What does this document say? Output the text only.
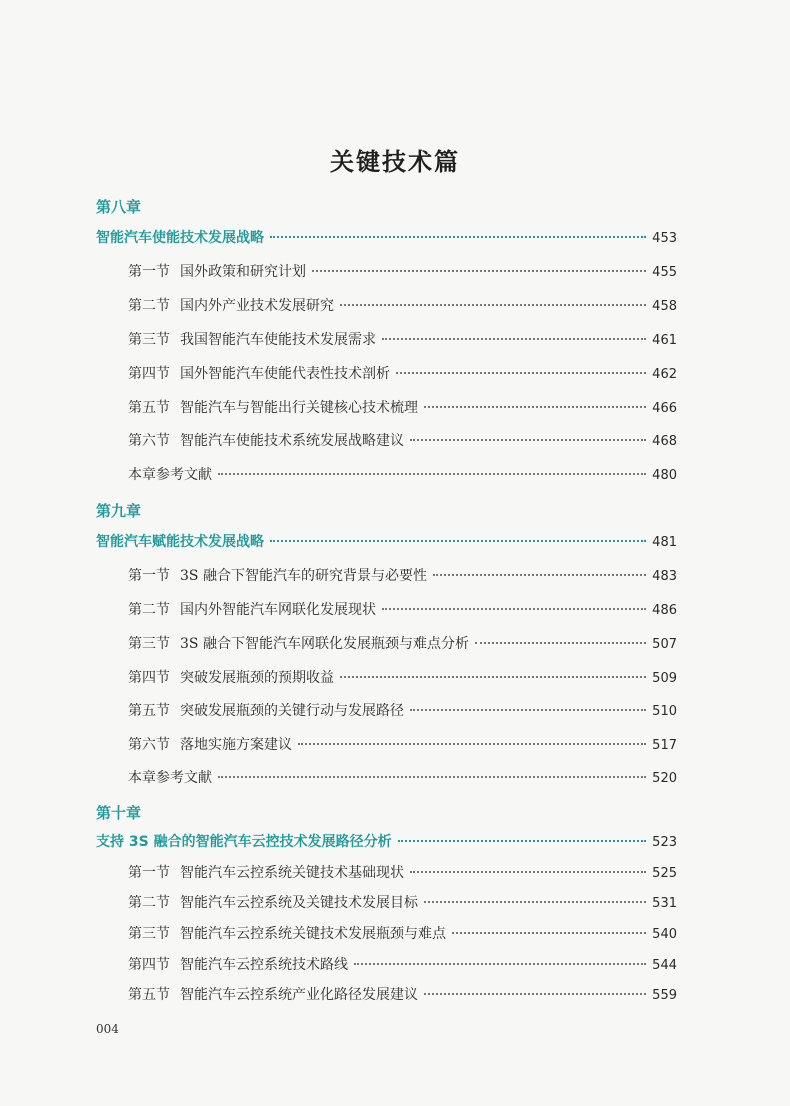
关键技术篇
第八章
智能汽车使能技术发展战略	453
第一节 国外政策和研究计划	455
第二节 国内外产业技术发展研究	458
第三节 我国智能汽车使能技术发展需求	461
第四节 国外智能汽车使能代表性技术剖析	462
第五节 智能汽车与智能出行关键核心技术梳理	466
第六节 智能汽车使能技术系统发展战略建议	468
本章参考文献	480
第九章
智能汽车赋能技术发展战略	481
第一节 3S 融合下智能汽车的研究背景与必要性	483
第二节 国内外智能汽车网联化发展现状	486
第三节 3S 融合下智能汽车网联化发展瓶颈与难点分析	507
第四节 突破发展瓶颈的预期收益	509
第五节 突破发展瓶颈的关键行动与发展路径	510
第六节 落地实施方案建议	517
本章参考文献	520
第十章
支持 3S 融合的智能汽车云控技术发展路径分析	523
第一节 智能汽车云控系统关键技术基础现状	525
第二节 智能汽车云控系统及关键技术发展目标	531
第三节 智能汽车云控系统关键技术发展瓶颈与难点	540
第四节 智能汽车云控系统技术路线	544
第五节 智能汽车云控系统产业化路径发展建议	559
004
